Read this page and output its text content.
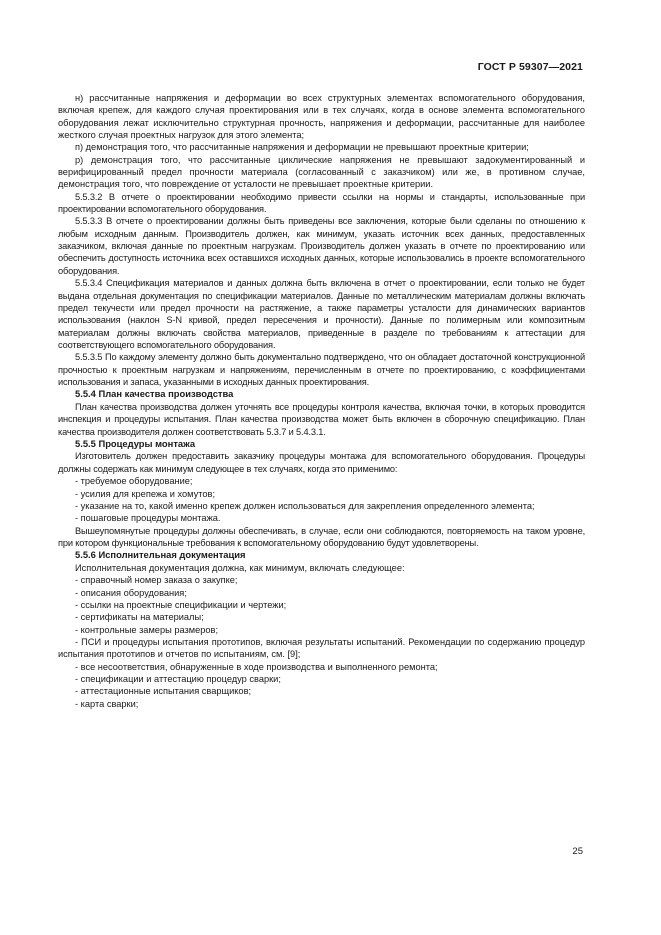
ГОСТ Р 59307—2021

н) рассчитанные напряжения и деформации во всех структурных элементах вспомогательного оборудования, включая крепеж, для каждого случая проектирования или в тех случаях, когда в основе элемента вспомогательного оборудования лежат исключительно структурная прочность, напряжения и деформации, рассчитанные для наиболее жесткого случая проектных нагрузок для этого элемента;

п) демонстрация того, что рассчитанные напряжения и деформации не превышают проектные критерии;

р) демонстрация того, что рассчитанные циклические напряжения не превышают задокументированный и верифицированный предел прочности материала (согласованный с заказчиком) или же, в противном случае, демонстрация того, что повреждение от усталости не превышает проектные критерии.

5.5.3.2 В отчете о проектировании необходимо привести ссылки на нормы и стандарты, использованные при проектировании вспомогательного оборудования.

5.5.3.3 В отчете о проектировании должны быть приведены все заключения, которые были сделаны по отношению к любым исходным данным. Производитель должен, как минимум, указать источник всех данных, предоставленных заказчиком, включая данные по проектным нагрузкам. Производитель должен указать в отчете по проектированию или обеспечить доступность источника всех оставшихся исходных данных, которые использовались в проекте вспомогательного оборудования.

5.5.3.4 Спецификация материалов и данных должна быть включена в отчет о проектировании, если только не будет выдана отдельная документация по спецификации материалов. Данные по металлическим материалам должны включать предел текучести или предел прочности на растяжение, а также параметры усталости для динамических вариантов использования (наклон S-N кривой, предел пересечения и прочности). Данные по полимерным или композитным материалам должны включать свойства материалов, приведенные в разделе по требованиям к аттестации для соответствующего вспомогательного оборудования.

5.5.3.5 По каждому элементу должно быть документально подтверждено, что он обладает достаточной конструкционной прочностью к проектным нагрузкам и напряжениям, перечисленным в отчете по проектированию, с коэффициентами использования и запаса, указанными в исходных данных проектирования.

5.5.4 План качества производства

План качества производства должен уточнять все процедуры контроля качества, включая точки, в которых проводится инспекция и процедуры испытания. План качества производства может быть включен в сборочную спецификацию. План качества производителя должен соответствовать 5.3.7 и 5.4.3.1.

5.5.5 Процедуры монтажа

Изготовитель должен предоставить заказчику процедуры монтажа для вспомогательного оборудования. Процедуры должны содержать как минимум следующее в тех случаях, когда это применимо:

- требуемое оборудование;
- усилия для крепежа и хомутов;
- указание на то, какой именно крепеж должен использоваться для закрепления определенного элемента;
- пошаговые процедуры монтажа.

Вышеупомянутые процедуры должны обеспечивать, в случае, если они соблюдаются, повторяемость на таком уровне, при котором функциональные требования к вспомогательному оборудованию будут удовлетворены.

5.5.6 Исполнительная документация

Исполнительная документация должна, как минимум, включать следующее:

- справочный номер заказа о закупке;
- описания оборудования;
- ссылки на проектные спецификации и чертежи;
- сертификаты на материалы;
- контрольные замеры размеров;
- ПСИ и процедуры испытания прототипов, включая результаты испытаний. Рекомендации по содержанию процедур испытания прототипов и отчетов по испытаниям, см. [9];
- все несоответствия, обнаруженные в ходе производства и выполненного ремонта;
- спецификации и аттестацию процедур сварки;
- аттестационные испытания сварщиков;
- карта сварки;
25
